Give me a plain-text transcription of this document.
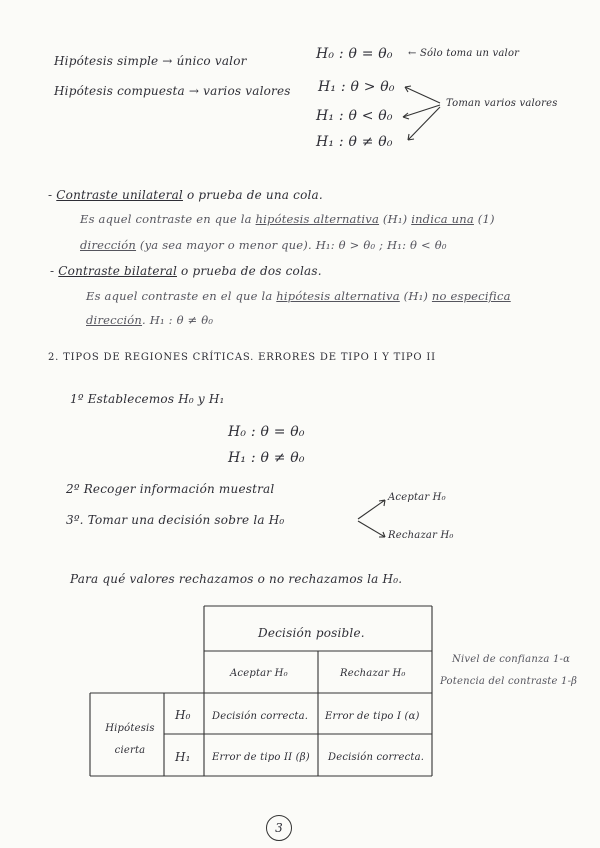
Hipótesis simple → único valor
Hipótesis compuesta → varios valores
H₀ : θ = θ₀ ← Sólo toma un valor
H₁ : θ > θ₀
H₁ : θ < θ₀
H₁ : θ ≠ θ₀
Toman varios valores
- Contraste unilateral o prueba de una cola.
Es aquel contraste en que la hipótesis alternativa (H₁) indica una (1)
dirección (ya sea mayor o menor que). H₁: θ > θ₀ ; H₁: θ < θ₀
- Contraste bilateral o prueba de dos colas.
Es aquel contraste en el que la hipótesis alternativa (H₁) no especifica
dirección. H₁ : θ ≠ θ₀
2. TIPOS DE REGIONES CRÍTICAS. ERRORES DE TIPO I Y TIPO II
1º Establecemos H₀ y H₁
H₀ : θ = θ₀
H₁ : θ ≠ θ₀
2º Recoger información muestral
3º. Tomar una decisión sobre la H₀
Aceptar H₀
Rechazar H₀
Para qué valores rechazamos o no rechazamos la H₀.
Decisión posible.
Aceptar H₀	Rechazar H₀
Hipótesis cierta
H₀
H₁
Decisión correcta. Error de tipo I (α)
Error de tipo II (β) Decisión correcta.
Nivel de confianza 1-α
Potencia del contraste 1-β
3
